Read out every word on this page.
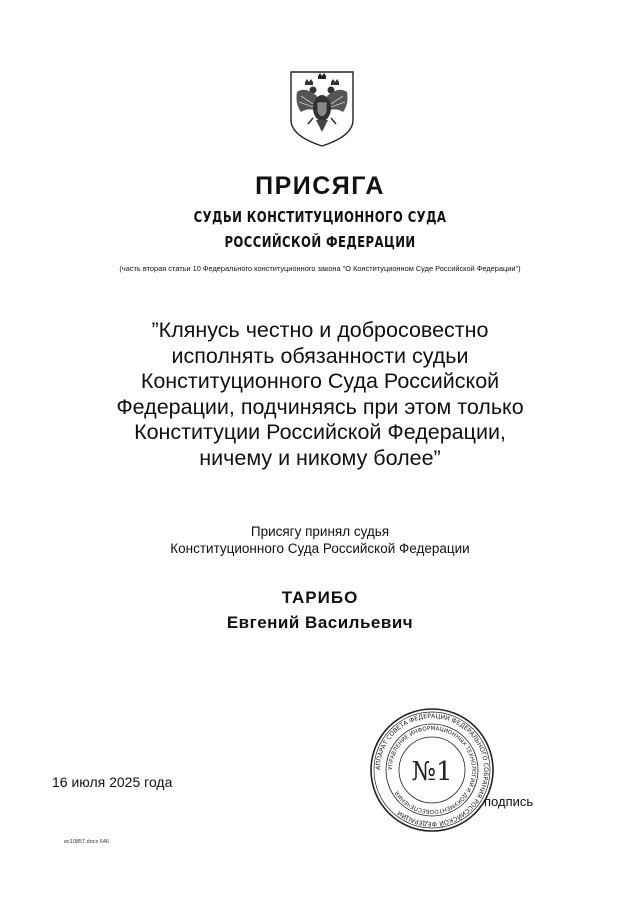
ПРИСЯГА
СУДЬИ КОНСТИТУЦИОННОГО СУДА
РОССИЙСКОЙ ФЕДЕРАЦИИ
(часть вторая статьи 10 Федерального конституционного закона "О Конституционном Суде Российской Федерации")
”Клянусь честно и добросовестно
исполнять обязанности судьи
Конституционного Суда Российской
Федерации, подчиняясь при этом только
Конституции Российской Федерации,
ничему и никому более”
Присягу принял судья
Конституционного Суда Российской Федерации
ТАРИБО
Евгений Васильевич
16 июля 2025 года
подпись
ес10857.docx 646
АППАРАТ СОВЕТА ФЕДЕРАЦИИ ФЕДЕРАЛЬНОГО СОБРАНИЯ РОССИЙСКОЙ ФЕДЕРАЦИИ
УПРАВЛЕНИЕ ИНФОРМАЦИОННЫХ ТЕХНОЛОГИЙ И ДОКУМЕНТООБЕСПЕЧЕНИЯ
№1
